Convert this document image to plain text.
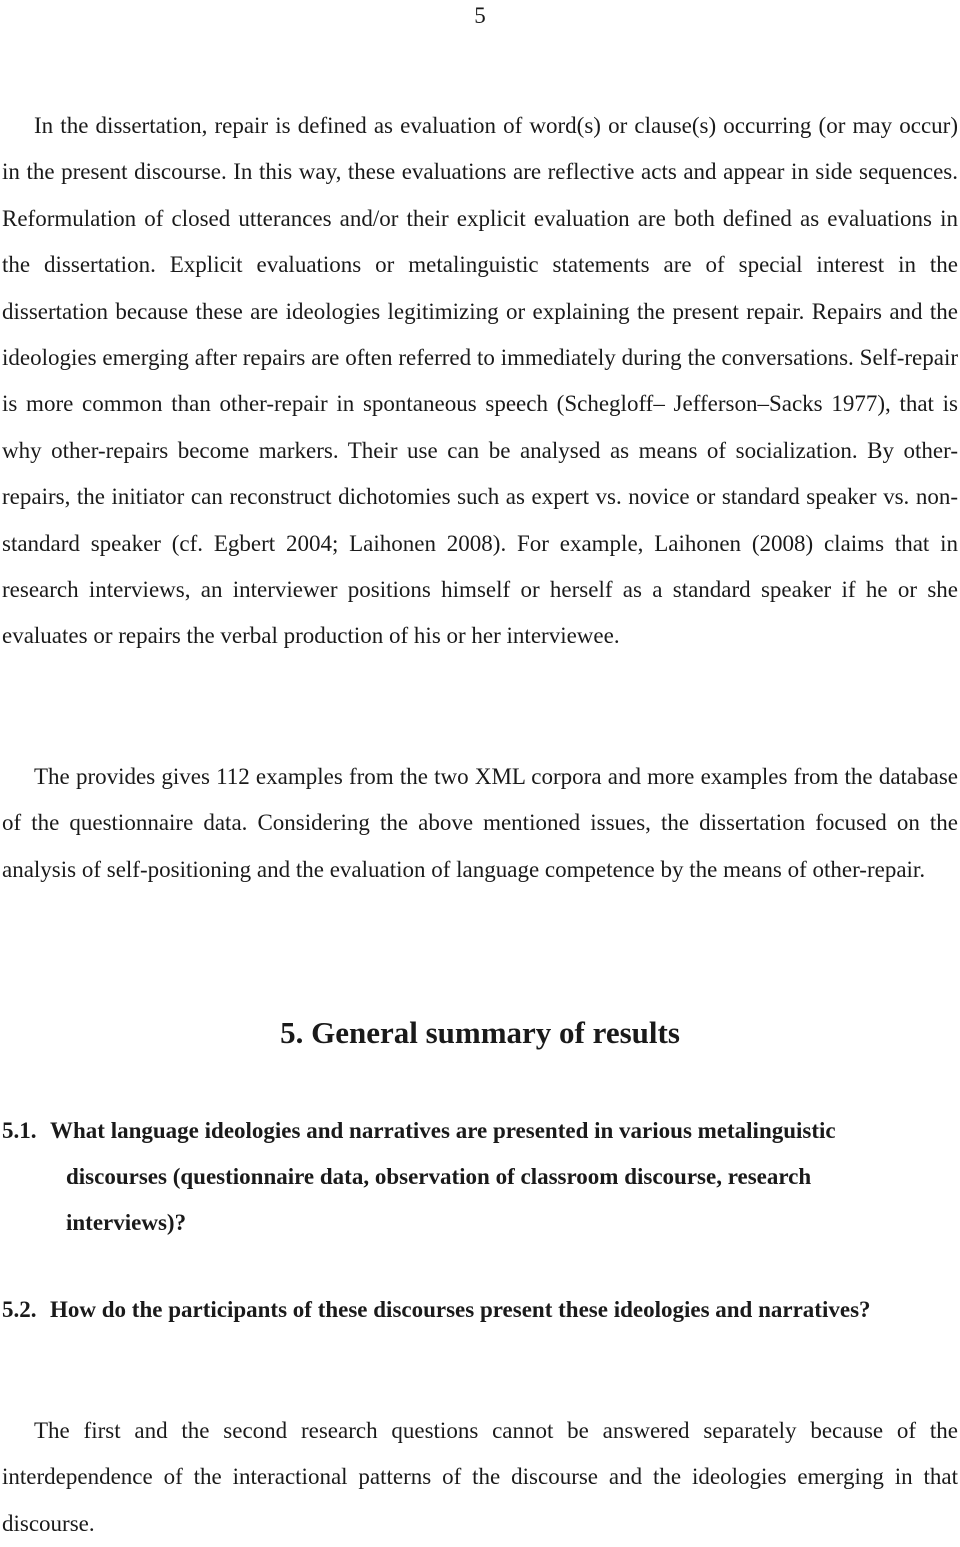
5

In the dissertation, repair is defined as evaluation of word(s) or clause(s) occurring (or may occur) in the present discourse. In this way, these evaluations are reflective acts and appear in side sequences. Reformulation of closed utterances and/or their explicit evaluation are both defined as evaluations in the dissertation. Explicit evaluations or metalinguistic statements are of special interest in the dissertation because these are ideologies legitimizing or explaining the present repair. Repairs and the ideologies emerging after repairs are often referred to immediately during the conversations. Self-repair is more common than other-repair in spontaneous speech (Schegloff– Jefferson–Sacks 1977), that is why other-repairs become markers. Their use can be analysed as means of socialization. By other-repairs, the initiator can reconstruct dichotomies such as expert vs. novice or standard speaker vs. non-standard speaker (cf. Egbert 2004; Laihonen 2008). For example, Laihonen (2008) claims that in research interviews, an interviewer positions himself or herself as a standard speaker if he or she evaluates or repairs the verbal production of his or her interviewee.

The provides gives 112 examples from the two XML corpora and more examples from the database of the questionnaire data. Considering the above mentioned issues, the dissertation focused on the analysis of self-positioning and the evaluation of language competence by the means of other-repair.

5. General summary of results

5.1. What language ideologies and narratives are presented in various metalinguistic discourses (questionnaire data, observation of classroom discourse, research interviews)?

5.2. How do the participants of these discourses present these ideologies and narratives?

The first and the second research questions cannot be answered separately because of the interdependence of the interactional patterns of the discourse and the ideologies emerging in that discourse.
